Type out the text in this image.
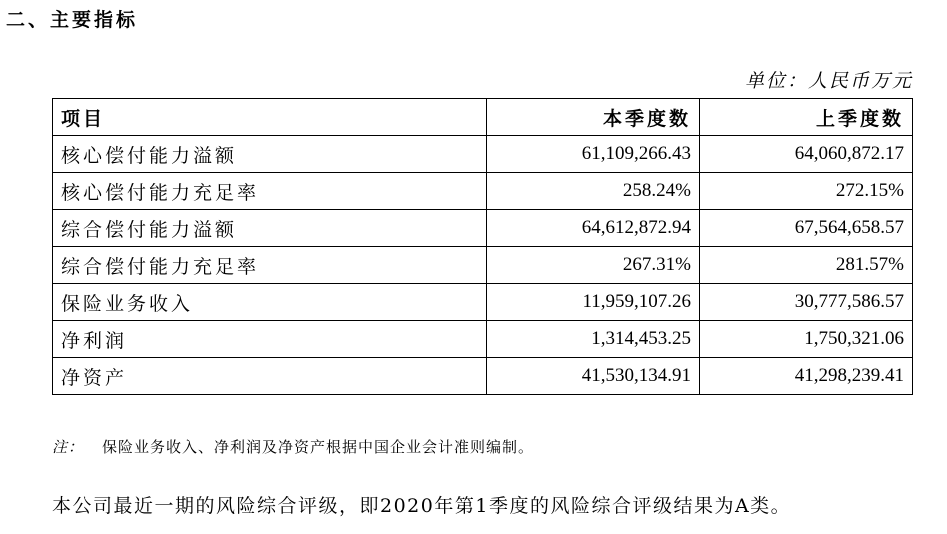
二、主要指标
单位：人民币万元
项目	本季度数	上季度数
核心偿付能力溢额	61,109,266.43	64,060,872.17
核心偿付能力充足率	258.24%	272.15%
综合偿付能力溢额	64,612,872.94	67,564,658.57
综合偿付能力充足率	267.31%	281.57%
保险业务收入	11,959,107.26	30,777,586.57
净利润	1,314,453.25	1,750,321.06
净资产	41,530,134.91	41,298,239.41
注： 保险业务收入、净利润及净资产根据中国企业会计准则编制。

本公司最近一期的风险综合评级，即2020年第1季度的风险综合评级结果为A类。
